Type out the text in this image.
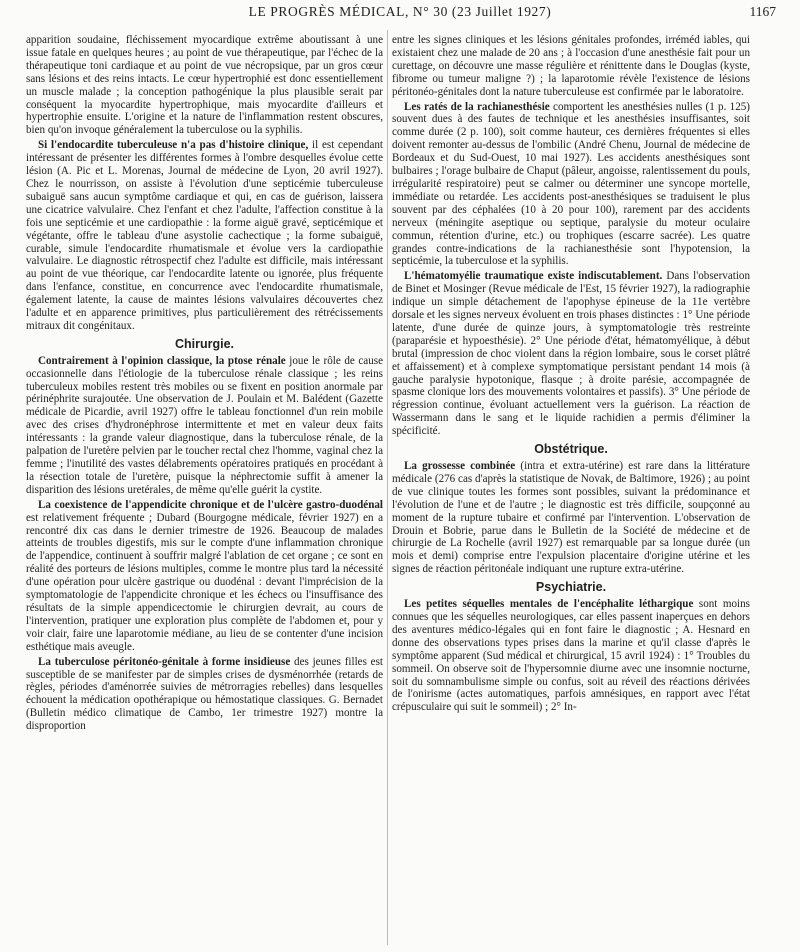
LE PROGRÈS MÉDICAL, N° 30 (23 Juillet 1927)	1167

apparition soudaine, fléchissement myocardique extrême aboutissant à une issue fatale en quelques heures ; au point de vue thérapeutique, par l'échec de la thérapeutique toni cardiaque et au point de vue nécropsique, par un gros cœur sans lésions et des reins intacts. Le cœur hypertrophié est donc essentiellement un muscle malade ; la conception pathogénique la plus plausible serait par conséquent la myocardite hypertrophique, mais myocardite d'ailleurs et hypertrophie ensuite. L'origine et la nature de l'inflammation restent obscures, bien qu'on invoque généralement la tuberculose ou la syphilis.

Si l'endocardite tuberculeuse n'a pas d'histoire clinique, il est cependant intéressant de présenter les différentes formes à l'ombre desquelles évolue cette lésion (A. Pic et L. Morenas, Journal de médecine de Lyon, 20 avril 1927). Chez le nourrisson, on assiste à l'évolution d'une septicémie tuberculeuse subaiguë sans aucun symptôme cardiaque et qui, en cas de guérison, laissera une cicatrice valvulaire. Chez l'enfant et chez l'adulte, l'affection constitue à la fois une septicémie et une cardiopathie : la forme aiguë gravé, septicémique et végétante, offre le tableau d'une asystolie cachectique ; la forme subaiguë, curable, simule l'endocardite rhumatismale et évolue vers la cardiopathie valvulaire. Le diagnostic rétrospectif chez l'adulte est difficile, mais intéressant au point de vue théorique, car l'endocardite latente ou ignorée, plus fréquente dans l'enfance, constitue, en concurrence avec l'endocardite rhumatismale, également latente, la cause de maintes lésions valvulaires découvertes chez l'adulte et en apparence primitives, plus particulièrement des rétrécissements mitraux dit congénitaux.

Chirurgie.

Contrairement à l'opinion classique, la ptose rénale joue le rôle de cause occasionnelle dans l'étiologie de la tuberculose rénale classique ; les reins tuberculeux mobiles restent très mobiles ou se fixent en position anormale par périnéphrite surajoutée. Une observation de J. Poulain et M. Balédent (Gazette médicale de Picardie, avril 1927) offre le tableau fonctionnel d'un rein mobile avec des crises d'hydronéphrose intermittente et met en valeur deux faits intéressants : la grande valeur diagnostique, dans la tuberculose rénale, de la palpation de l'uretère pelvien par le toucher rectal chez l'homme, vaginal chez la femme ; l'inutilité des vastes délabrements opératoires pratiqués en procédant à la résection totale de l'uretère, puisque la néphrectomie suffit à amener la disparition des lésions uretérales, de même qu'elle guérit la cystite.

La coexistence de l'appendicite chronique et de l'ulcère gastro-duodénal est relativement fréquente ; Dubard (Bourgogne médicale, février 1927) en a rencontré dix cas dans le dernier trimestre de 1926. Beaucoup de malades atteints de troubles digestifs, mis sur le compte d'une inflammation chronique de l'appendice, continuent à souffrir malgré l'ablation de cet organe ; ce sont en réalité des porteurs de lésions multiples, comme le montre plus tard la nécessité d'une opération pour ulcère gastrique ou duodénal : devant l'imprécision de la symptomatologie de l'appendicite chronique et les échecs ou l'insuffisance des résultats de la simple appendicectomie le chirurgien devrait, au cours de l'intervention, pratiquer une exploration plus complète de l'abdomen et, pour y voir clair, faire une laparotomie médiane, au lieu de se contenter d'une incision esthétique mais aveugle.

La tuberculose péritonéo-génitale à forme insidieuse des jeunes filles est susceptible de se manifester par de simples crises de dysménorrhée (retards de règles, périodes d'aménorrée suivies de métrorragies rebelles) dans lesquelles échouent la médication opothérapique ou hémostatique classiques. G. Bernadet (Bulletin médico climatique de Cambo, 1er trimestre 1927) montre la disproportion

entre les signes cliniques et les lésions génitales profondes, irréméd iables, qui existaient chez une malade de 20 ans ; à l'occasion d'une anesthésie fait pour un curettage, on découvre une masse régulière et rénittente dans le Douglas (kyste, fibrome ou tumeur maligne ?) ; la laparotomie révèle l'existence de lésions péritonéo-génitales dont la nature tuberculeuse est confirmée par le laboratoire.

Les ratés de la rachianesthésie comportent les anesthésies nulles (1 p. 125) souvent dues à des fautes de technique et les anesthésies insuffisantes, soit comme durée (2 p. 100), soit comme hauteur, ces dernières fréquentes si elles doivent remonter au-dessus de l'ombilic (André Chenu, Journal de médecine de Bordeaux et du Sud-Ouest, 10 mai 1927). Les accidents anesthésiques sont bulbaires ; l'orage bulbaire de Chaput (pâleur, angoisse, ralentissement du pouls, irrégularité respiratoire) peut se calmer ou déterminer une syncope mortelle, immédiate ou retardée. Les accidents post-anesthésiques se traduisent le plus souvent par des céphalées (10 à 20 pour 100), rarement par des accidents nerveux (méningite aseptique ou septique, paralysie du moteur oculaire commun, rétention d'urine, etc.) ou trophiques (escarre sacrée). Les quatre grandes contre-indications de la rachianesthésie sont l'hypotension, la septicémie, la tuberculose et la syphilis.

L'hématomyélie traumatique existe indiscutablement. Dans l'observation de Binet et Mosinger (Revue médicale de l'Est, 15 février 1927), la radiographie indique un simple détachement de l'apophyse épineuse de la 11e vertèbre dorsale et les signes nerveux évoluent en trois phases distinctes : 1° Une période latente, d'une durée de quinze jours, à symptomatologie très restreinte (paraparésie et hypoesthésie). 2° Une période d'état, hématomyélique, à début brutal (impression de choc violent dans la région lombaire, sous le corset plâtré et affaissement) et à complexe symptomatique persistant pendant 14 mois (à gauche paralysie hypotonique, flasque ; à droite parésie, accompagnée de spasme clonique lors des mouvements volontaires et passifs). 3° Une période de régression continue, évoluant actuellement vers la guérison. La réaction de Wassermann dans le sang et le liquide rachidien a permis d'éliminer la spécificité.

Obstétrique.

La grossesse combinée (intra et extra-utérine) est rare dans la littérature médicale (276 cas d'après la statistique de Novak, de Baltimore, 1926) ; au point de vue clinique toutes les formes sont possibles, suivant la prédominance et l'évolution de l'une et de l'autre ; le diagnostic est très difficile, soupçonné au moment de la rupture tubaire et confirmé par l'intervention. L'observation de Drouin et Bobrie, parue dans le Bulletin de la Société de médecine et de chirurgie de La Rochelle (avril 1927) est remarquable par sa longue durée (un mois et demi) comprise entre l'expulsion placentaire d'origine utérine et les signes de réaction péritonéale indiquant une rupture extra-utérine.

Psychiatrie.

Les petites séquelles mentales de l'encéphalite léthargique sont moins connues que les séquelles neurologiques, car elles passent inaperçues en dehors des aventures médico-légales qui en font faire le diagnostic ; A. Hesnard en donne des observations types prises dans la marine et qu'il classe d'après le symptôme apparent (Sud médical et chirurgical, 15 avril 1924) : 1° Troubles du sommeil. On observe soit de l'hypersomnie diurne avec une insomnie nocturne, soit du somnambulisme simple ou confus, soit au réveil des réactions dérivées de l'onirisme (actes automatiques, parfois amnésiques, en rapport avec l'état crépusculaire qui suit le sommeil) ; 2° In-
